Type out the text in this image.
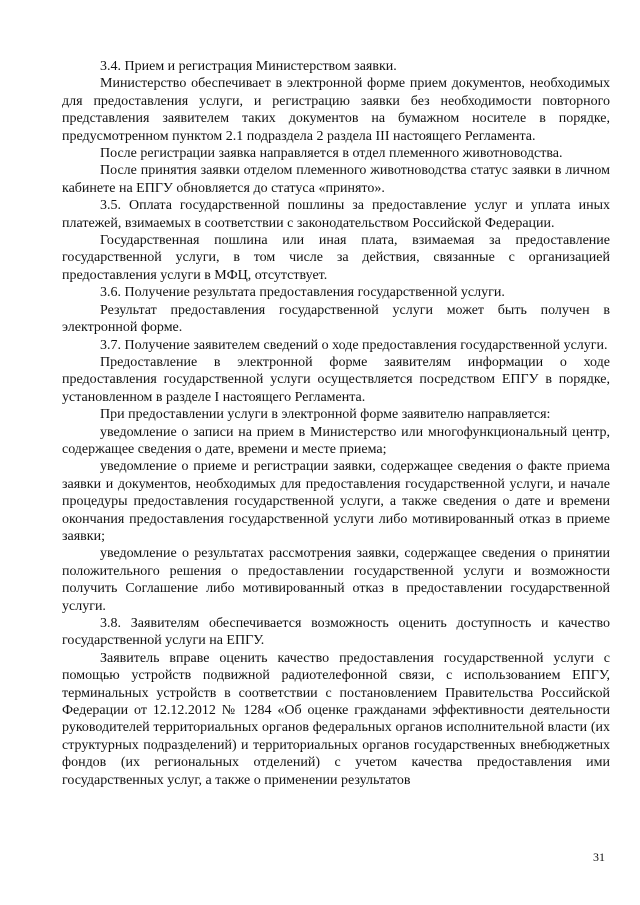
3.4. Прием и регистрация Министерством заявки.

Министерство обеспечивает в электронной форме прием документов, необходимых для предоставления услуги, и регистрацию заявки без необходимости повторного представления заявителем таких документов на бумажном носителе в порядке, предусмотренном пунктом 2.1 подраздела 2 раздела III настоящего Регламента.

После регистрации заявка направляется в отдел племенного животноводства.

После принятия заявки отделом племенного животноводства статус заявки в личном кабинете на ЕПГУ обновляется до статуса «принято».

3.5. Оплата государственной пошлины за предоставление услуг и уплата иных платежей, взимаемых в соответствии с законодательством Российской Федерации.

Государственная пошлина или иная плата, взимаемая за предоставление государственной услуги, в том числе за действия, связанные с организацией предоставления услуги в МФЦ, отсутствует.

3.6. Получение результата предоставления государственной услуги.

Результат предоставления государственной услуги может быть получен в электронной форме.

3.7. Получение заявителем сведений о ходе предоставления государственной услуги.

Предоставление в электронной форме заявителям информации о ходе предоставления государственной услуги осуществляется посредством ЕПГУ в порядке, установленном в разделе I настоящего Регламента.

При предоставлении услуги в электронной форме заявителю направляется:

уведомление о записи на прием в Министерство или многофункциональный центр, содержащее сведения о дате, времени и месте приема;

уведомление о приеме и регистрации заявки, содержащее сведения о факте приема заявки и документов, необходимых для предоставления государственной услуги, и начале процедуры предоставления государственной услуги, а также сведения о дате и времени окончания предоставления государственной услуги либо мотивированный отказ в приеме заявки;

уведомление о результатах рассмотрения заявки, содержащее сведения о принятии положительного решения о предоставлении государственной услуги и возможности получить Соглашение либо мотивированный отказ в предоставлении государственной услуги.

3.8. Заявителям обеспечивается возможность оценить доступность и качество государственной услуги на ЕПГУ.

Заявитель вправе оценить качество предоставления государственной услуги с помощью устройств подвижной радиотелефонной связи, с использованием ЕПГУ, терминальных устройств в соответствии с постановлением Правительства Российской Федерации от 12.12.2012 № 1284 «Об оценке гражданами эффективности деятельности руководителей территориальных органов федеральных органов исполнительной власти (их структурных подразделений) и территориальных органов государственных внебюджетных фондов (их региональных отделений) с учетом качества предоставления ими государственных услуг, а также о применении результатов

31
